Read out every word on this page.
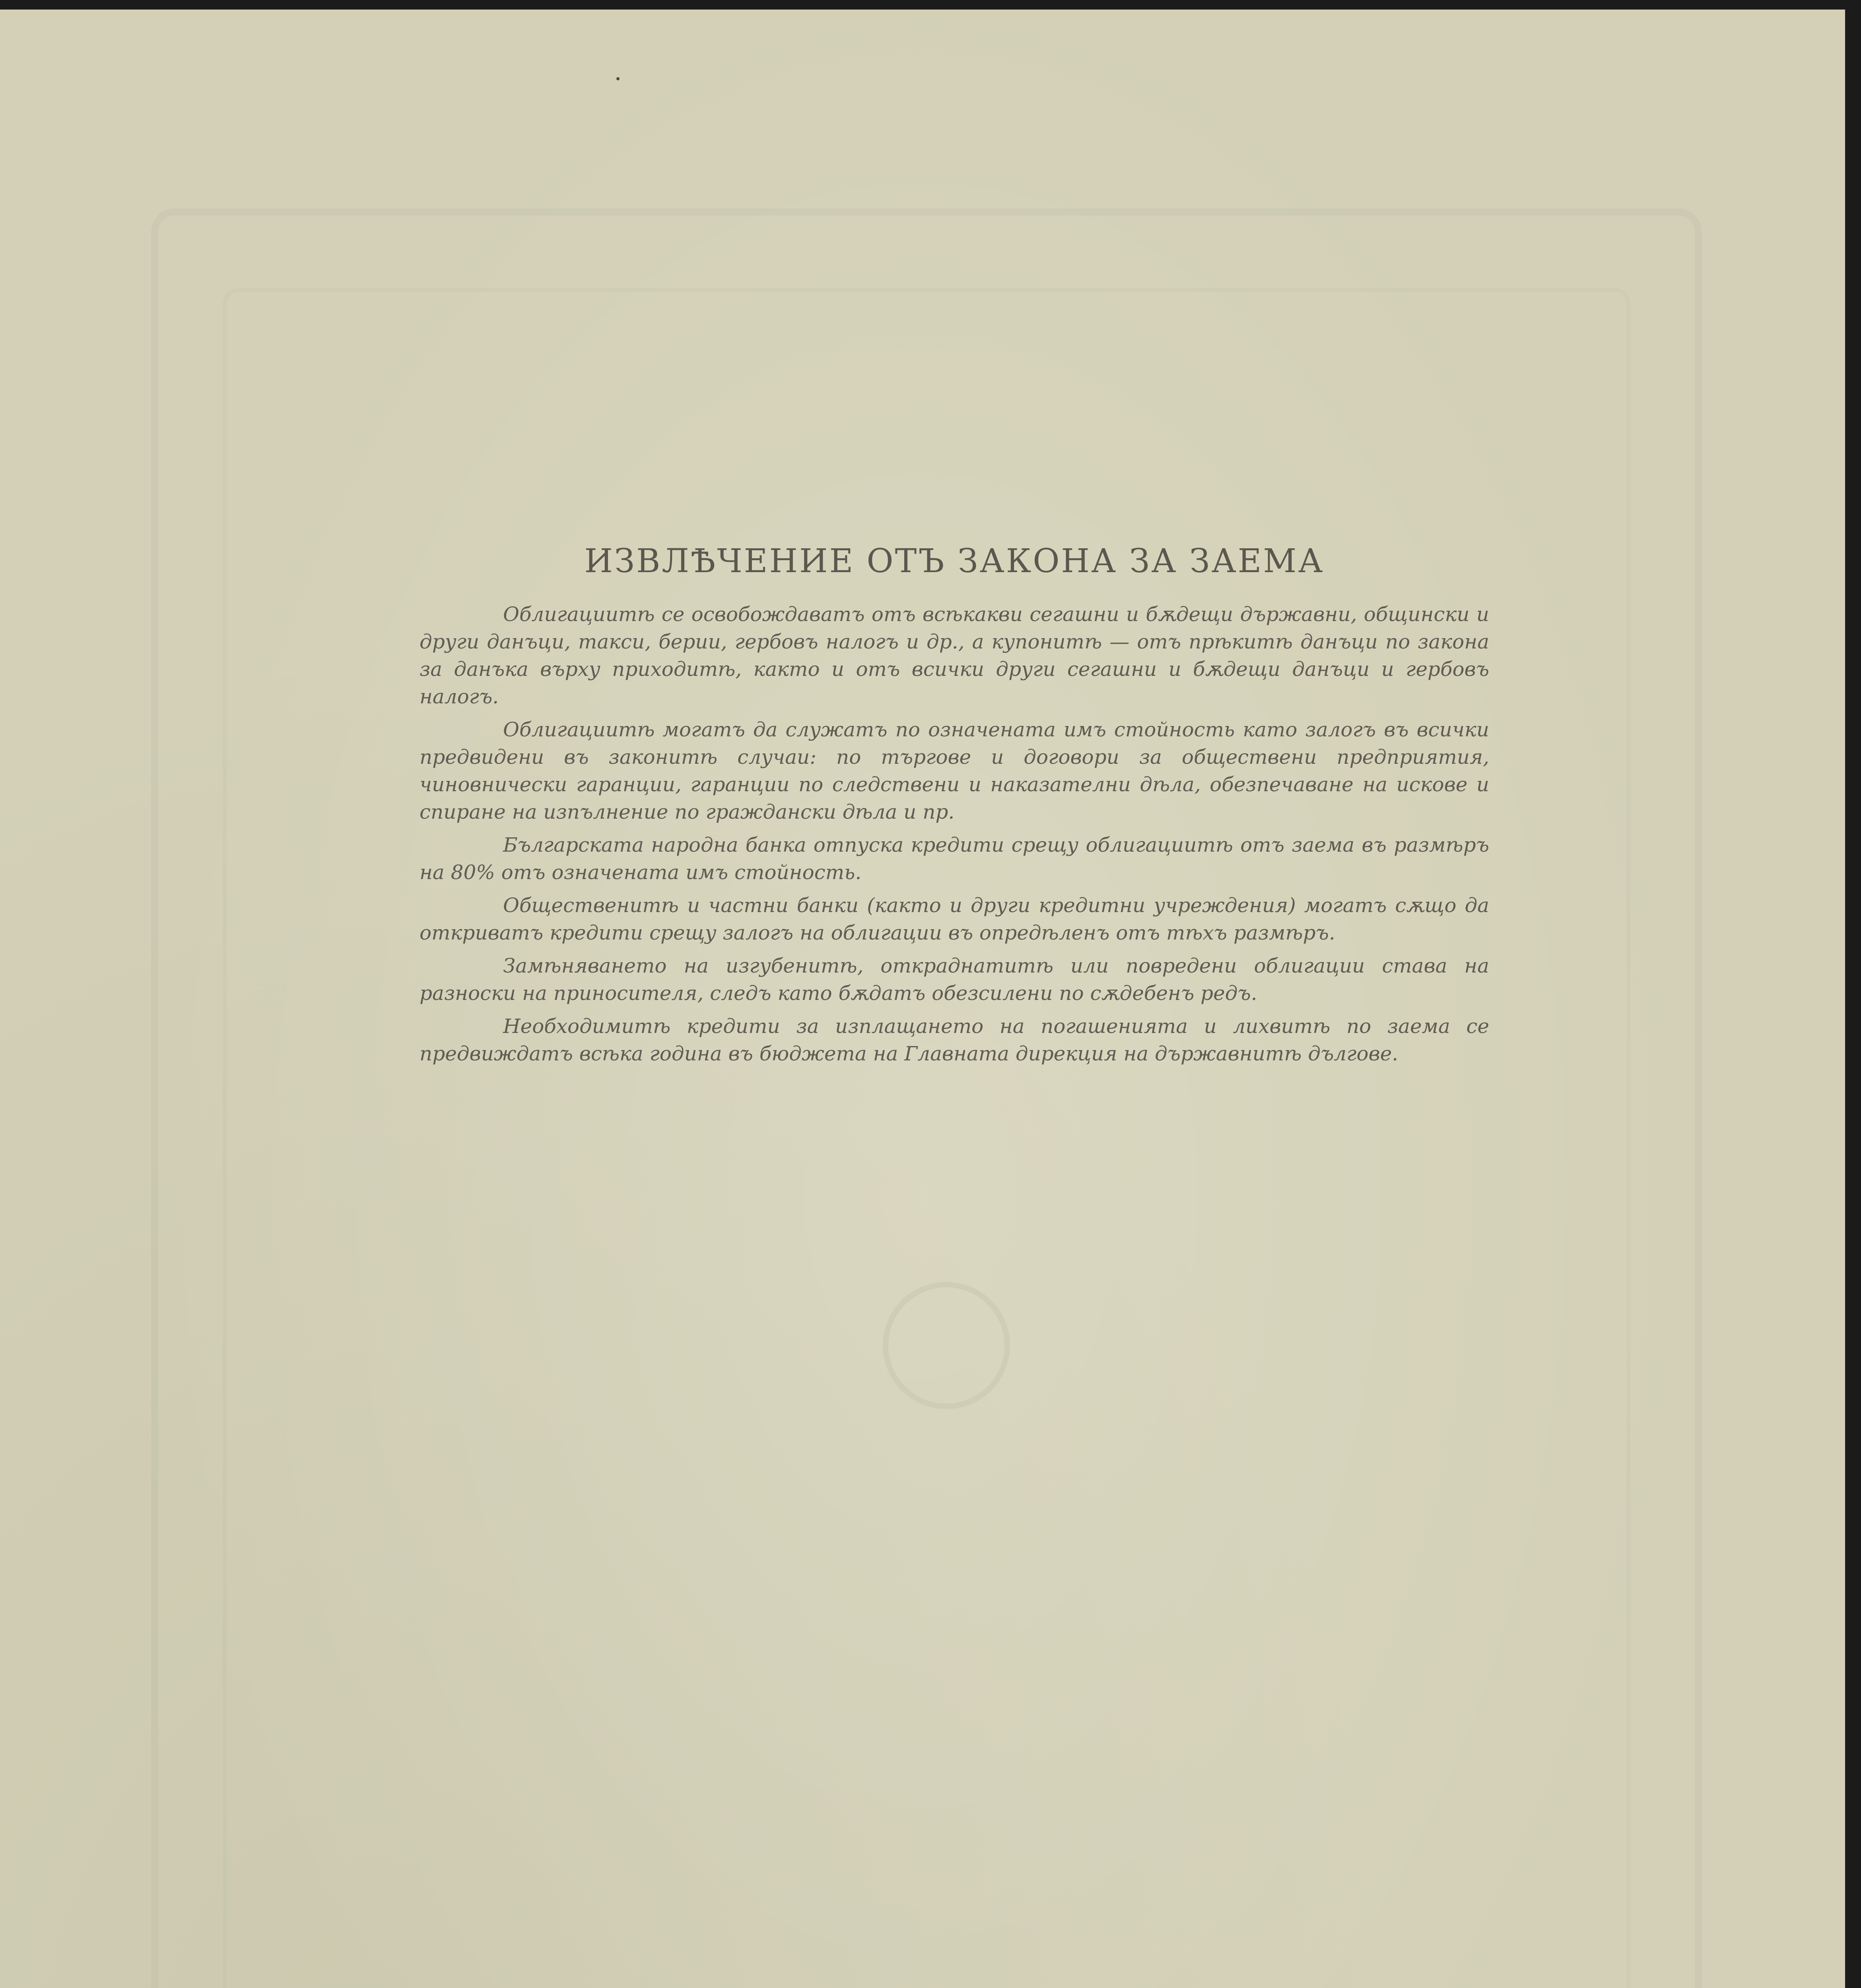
ИЗВЛѢЧЕНИЕ ОТЪ ЗАКОНА ЗА ЗАЕМА

Облигациитѣ се освобождаватъ отъ всѣкакви сегашни и бѫдещи държавни, общински и други данъци, такси, берии, гербовъ налогъ и др., а купонитѣ — отъ прѣкитѣ данъци по закона за данъка върху приходитѣ, както и отъ всички други сегашни и бѫдещи данъци и гербовъ налогъ.

Облигациитѣ могатъ да служатъ по означената имъ стойность като залогъ въ всички предвидени въ законитѣ случаи: по търгове и договори за обществени предприятия, чиновнически гаранции, гаранции по следствени и наказателни дѣла, обезпечаване на искове и спиране на изпълнение по граждански дѣла и пр.

Българската народна банка отпуска кредити срещу облигациитѣ отъ заема въ размѣръ на 80% отъ означената имъ стойность.

Общественитѣ и частни банки (както и други кредитни учреждения) могатъ сѫщо да откриватъ кредити срещу залогъ на облигации въ опредѣленъ отъ тѣхъ размѣръ.

Замѣняването на изгубенитѣ, откраднатитѣ или повредени облигации става на разноски на приносителя, следъ като бѫдатъ обезсилени по сѫдебенъ редъ.

Необходимитѣ кредити за изплащането на погашенията и лихвитѣ по заема се предвиждатъ всѣка година въ бюджета на Главната дирекция на държавнитѣ дългове.
